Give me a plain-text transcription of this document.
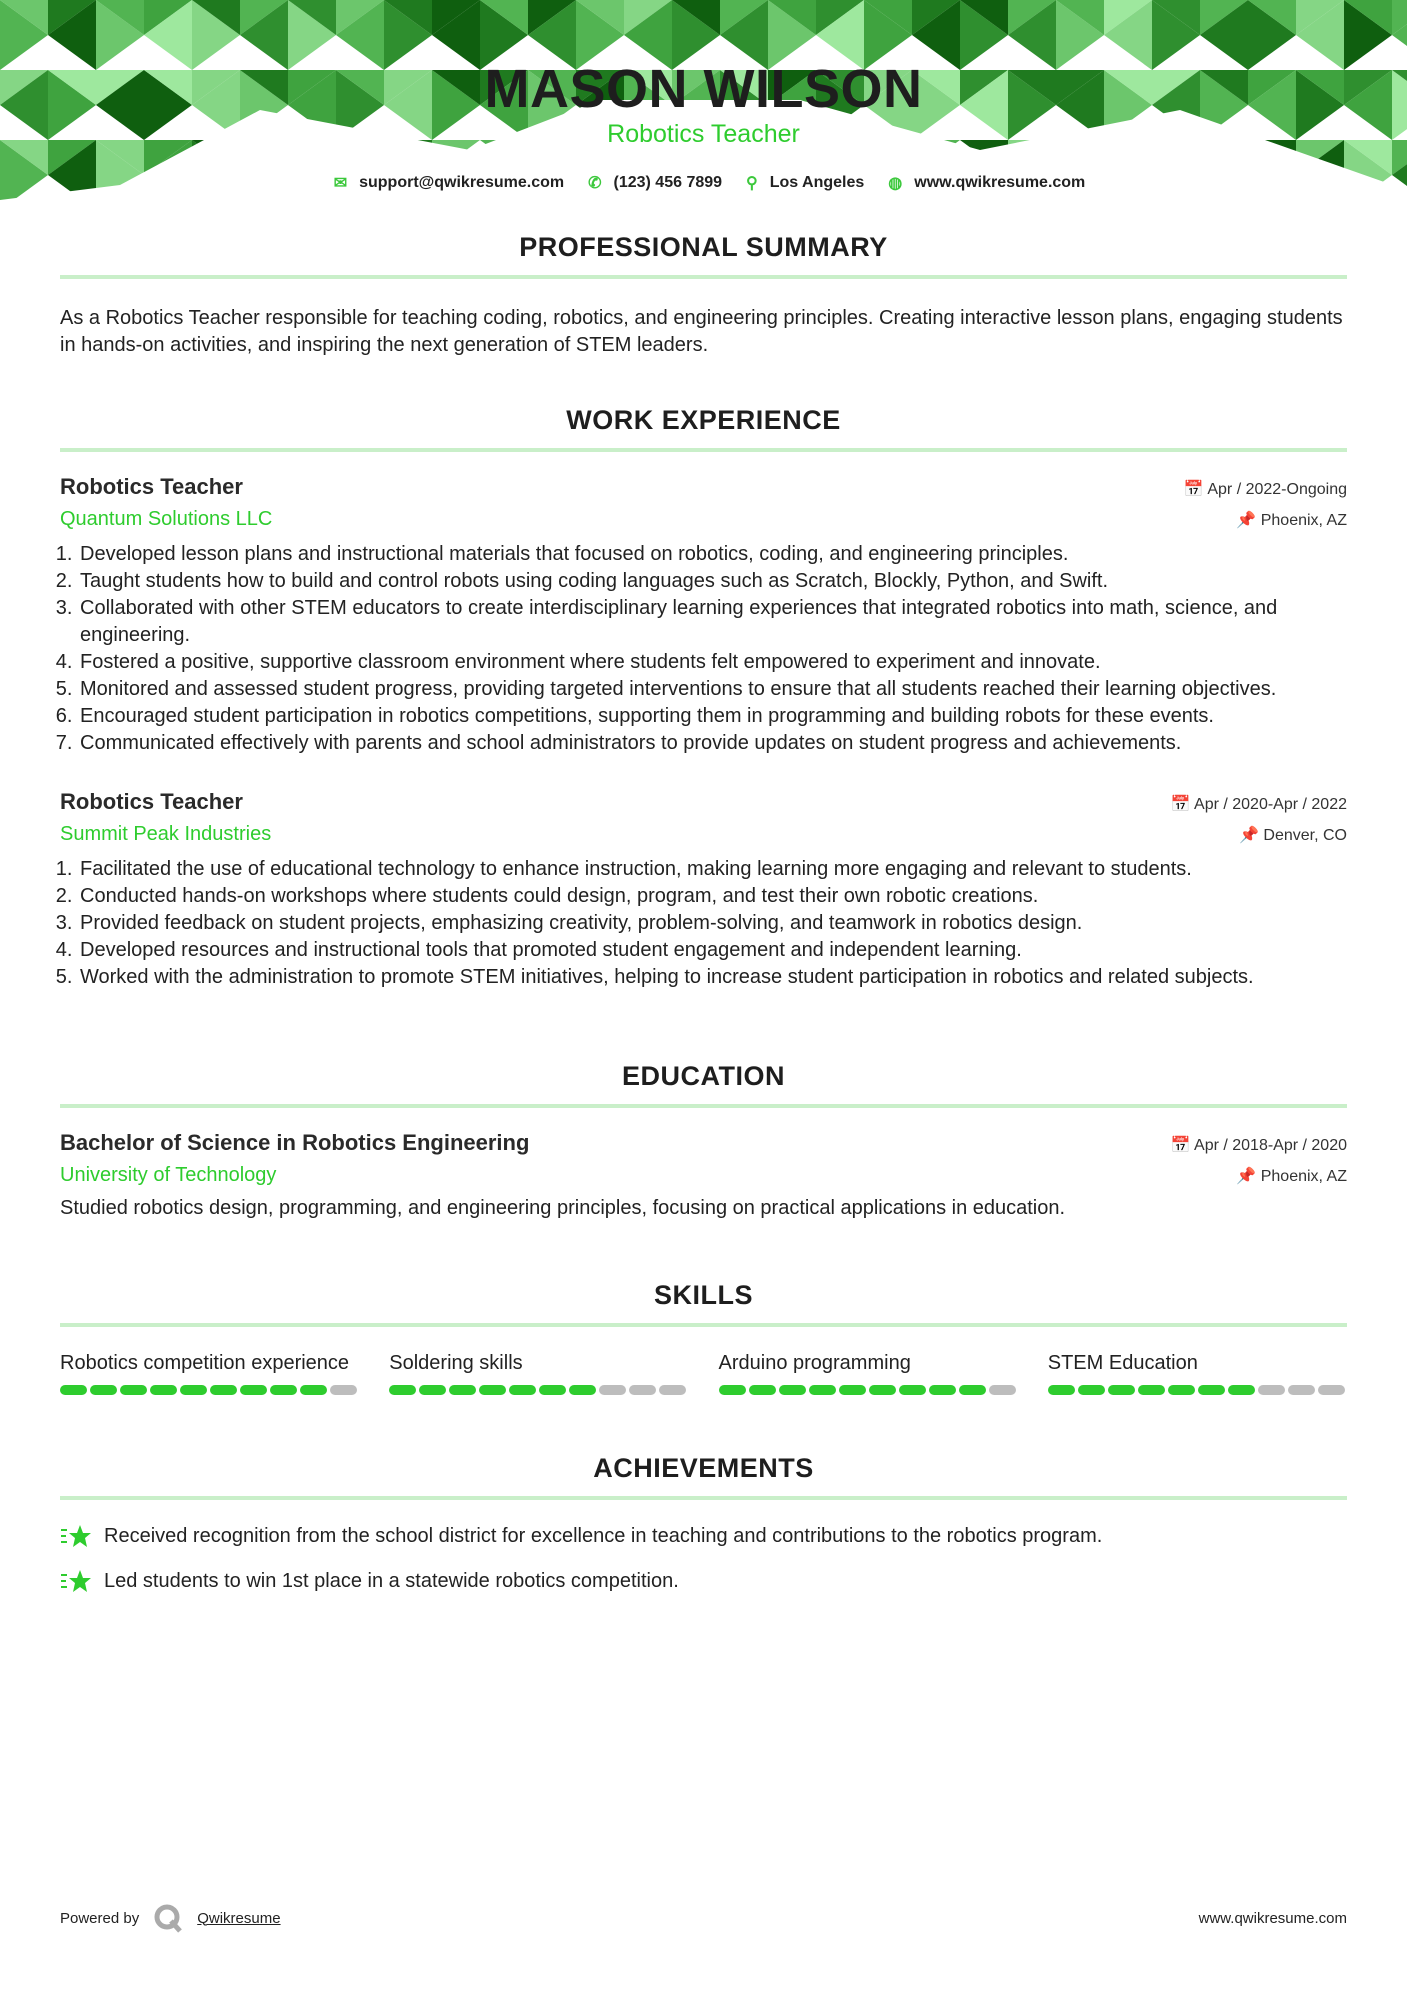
MASON WILSON
Robotics Teacher
✉ support@qwikresume.com ✆ (123) 456 7899 ⚲ Los Angeles ◍ www.qwikresume.com
PROFESSIONAL SUMMARY
As a Robotics Teacher responsible for teaching coding, robotics, and engineering principles. Creating interactive lesson plans, engaging students in hands-on activities, and inspiring the next generation of STEM leaders.
WORK EXPERIENCE
Robotics Teacher	📅 Apr / 2022-Ongoing
Quantum Solutions LLC	📌 Phoenix, AZ
1. Developed lesson plans and instructional materials that focused on robotics, coding, and engineering principles.
2. Taught students how to build and control robots using coding languages such as Scratch, Blockly, Python, and Swift.
3. Collaborated with other STEM educators to create interdisciplinary learning experiences that integrated robotics into math, science, and engineering.
4. Fostered a positive, supportive classroom environment where students felt empowered to experiment and innovate.
5. Monitored and assessed student progress, providing targeted interventions to ensure that all students reached their learning objectives.
6. Encouraged student participation in robotics competitions, supporting them in programming and building robots for these events.
7. Communicated effectively with parents and school administrators to provide updates on student progress and achievements.
Robotics Teacher	📅 Apr / 2020-Apr / 2022
Summit Peak Industries	📌 Denver, CO
1. Facilitated the use of educational technology to enhance instruction, making learning more engaging and relevant to students.
2. Conducted hands-on workshops where students could design, program, and test their own robotic creations.
3. Provided feedback on student projects, emphasizing creativity, problem-solving, and teamwork in robotics design.
4. Developed resources and instructional tools that promoted student engagement and independent learning.
5. Worked with the administration to promote STEM initiatives, helping to increase student participation in robotics and related subjects.
EDUCATION
Bachelor of Science in Robotics Engineering	📅 Apr / 2018-Apr / 2020
University of Technology	📌 Phoenix, AZ
Studied robotics design, programming, and engineering principles, focusing on practical applications in education.
SKILLS
Robotics competition experience	Soldering skills	Arduino programming	STEM Education
ACHIEVEMENTS
Received recognition from the school district for excellence in teaching and contributions to the robotics program.
Led students to win 1st place in a statewide robotics competition.
Powered by	Qwikresume	www.qwikresume.com
